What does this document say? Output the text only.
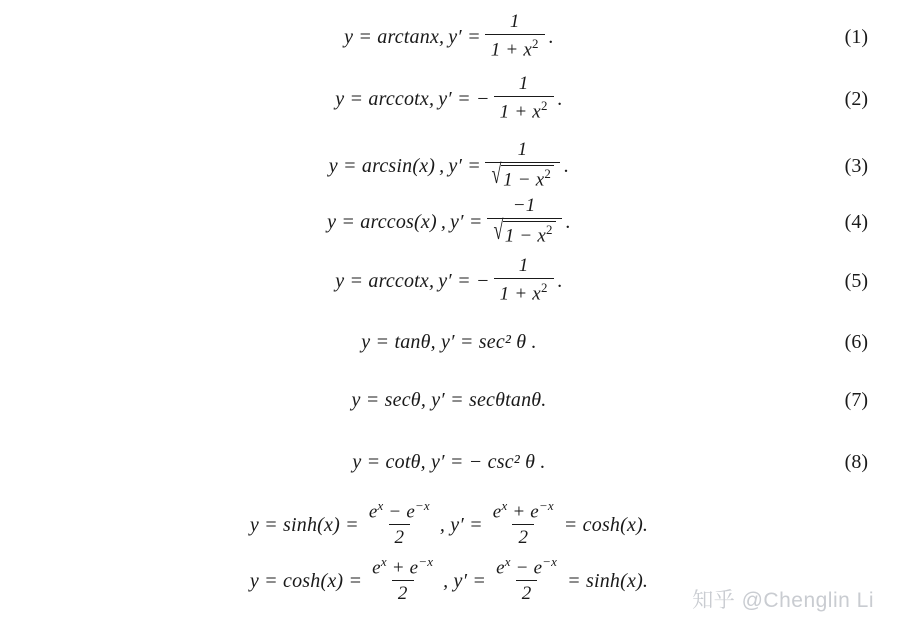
y = arctanx, $y' = \frac{1}{1 + x^2}$ .	(1)
y = arccotx, y′ = − $\frac{1}{1 + x^2}$ .	(2)
y = arcsin(x) , $y' = \frac{1}{√ 1 - x^2}$ .	(3)
y = arccos(x) , $y' = \frac{-1}{√ 1 - x^2}$ .	(4)
y = arccotx, y′ = − $\frac{1}{1 + x^2}$ .	(5)
y = tanθ, y′ = sec² θ .	(6)
y = secθ, y′ = secθtanθ.	(7)
y = cotθ, y′ = − csc² θ .	(8)
$y = \sinh(x) = \frac{e^x - e^{-x}}{2}$ , $y' = \frac{e^x + e^{-x}}{2} = \cosh(x)$.
$y = \cosh(x) = \frac{e^x + e^{-x}}{2}$ , $y' = \frac{e^x - e^{-x}}{2} = \sinh(x)$.
知乎 @Chenglin Li
